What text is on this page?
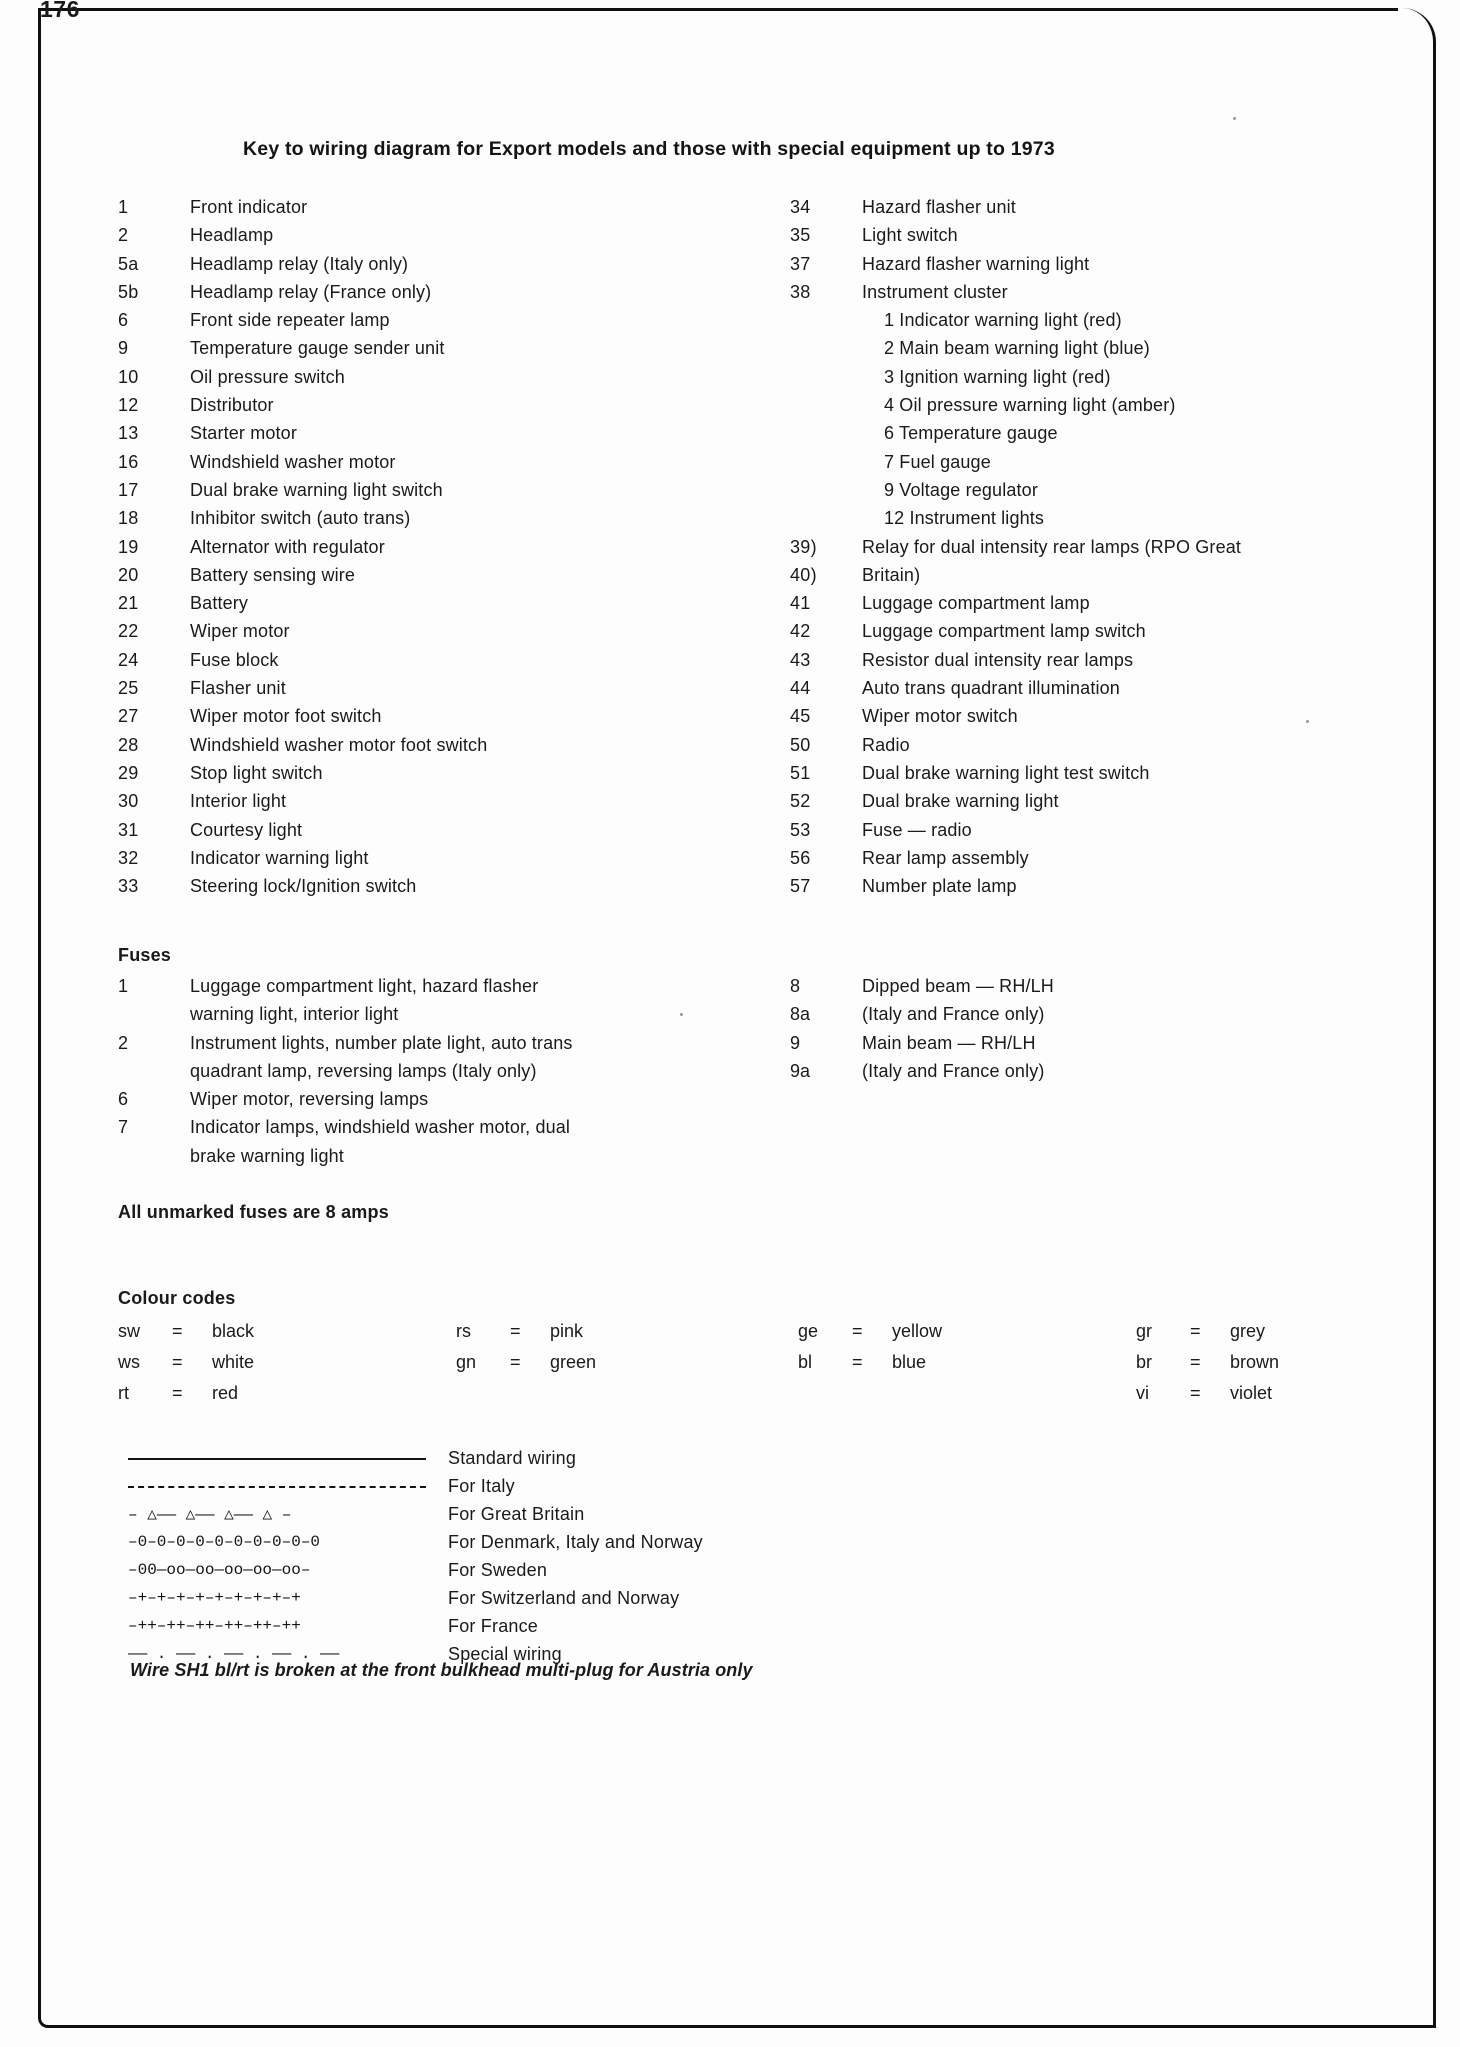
176
Key to wiring diagram for Export models and those with special equipment up to 1973
1	Front indicator
2	Headlamp
5a	Headlamp relay (Italy only)
5b	Headlamp relay (France only)
6	Front side repeater lamp
9	Temperature gauge sender unit
10	Oil pressure switch
12	Distributor
13	Starter motor
16	Windshield washer motor
17	Dual brake warning light switch
18	Inhibitor switch (auto trans)
19	Alternator with regulator
20	Battery sensing wire
21	Battery
22	Wiper motor
24	Fuse block
25	Flasher unit
27	Wiper motor foot switch
28	Windshield washer motor foot switch
29	Stop light switch
30	Interior light
31	Courtesy light
32	Indicator warning light
33	Steering lock/Ignition switch
34	Hazard flasher unit
35	Light switch
37	Hazard flasher warning light
38	Instrument cluster
1 Indicator warning light (red)
2 Main beam warning light (blue)
3 Ignition warning light (red)
4 Oil pressure warning light (amber)
6 Temperature gauge
7 Fuel gauge
9 Voltage regulator
12 Instrument lights
39)	Relay for dual intensity rear lamps (RPO Great
40)	Britain)
41	Luggage compartment lamp
42	Luggage compartment lamp switch
43	Resistor dual intensity rear lamps
44	Auto trans quadrant illumination
45	Wiper motor switch
50	Radio
51	Dual brake warning light test switch
52	Dual brake warning light
53	Fuse — radio
56	Rear lamp assembly
57	Number plate lamp
Fuses
1	Luggage compartment light, hazard flasher
warning light, interior light
2	Instrument lights, number plate light, auto trans
quadrant lamp, reversing lamps (Italy only)
6	Wiper motor, reversing lamps
7	Indicator lamps, windshield washer motor, dual
brake warning light
8	Dipped beam — RH/LH
8a	(Italy and France only)
9	Main beam — RH/LH
9a	(Italy and France only)
All unmarked fuses are 8 amps
Colour codes
sw	=	black
ws	=	white
rt	=	red
rs	=	pink
gn	=	green
ge	=	yellow
bl	=	blue
gr	=	grey
br	=	brown
vi	=	violet
Standard wiring
For Italy
– △—— △—— △—— △ –	For Great Britain
–0–0–0–0–0–0–0–0–0–0	For Denmark, Italy and Norway
–00—oo—oo—oo—oo—oo–	For Sweden
–+–+–+–+–+–+–+–+–+	For Switzerland and Norway
–++–++–++–++–++–++	For France
—— . —— . —— . —— . ——	Special wiring
Wire SH1 bl/rt is broken at the front bulkhead multi-plug for Austria only
